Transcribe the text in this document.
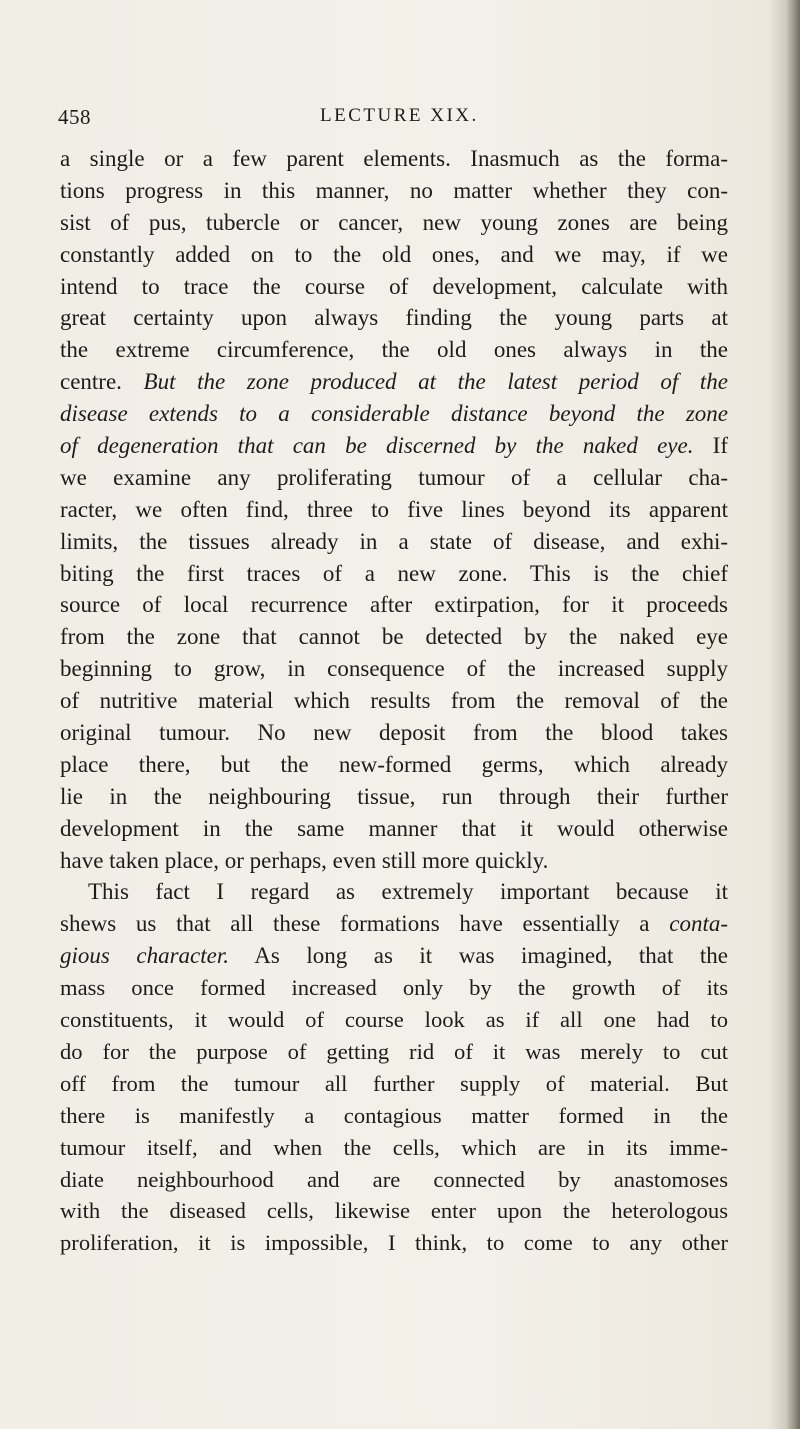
458	LECTURE XIX.
a single or a few parent elements. Inasmuch as the forma-
tions progress in this manner, no matter whether they con-
sist of pus, tubercle or cancer, new young zones are being
constantly added on to the old ones, and we may, if we
intend to trace the course of development, calculate with
great certainty upon always finding the young parts at
the extreme circumference, the old ones always in the
centre. But the zone produced at the latest period of the
disease extends to a considerable distance beyond the zone
of degeneration that can be discerned by the naked eye. If
we examine any proliferating tumour of a cellular cha-
racter, we often find, three to five lines beyond its apparent
limits, the tissues already in a state of disease, and exhi-
biting the first traces of a new zone. This is the chief
source of local recurrence after extirpation, for it proceeds
from the zone that cannot be detected by the naked eye
beginning to grow, in consequence of the increased supply
of nutritive material which results from the removal of the
original tumour. No new deposit from the blood takes
place there, but the new-formed germs, which already
lie in the neighbouring tissue, run through their further
development in the same manner that it would otherwise
have taken place, or perhaps, even still more quickly.
This fact I regard as extremely important because it
shews us that all these formations have essentially a conta-
gious character. As long as it was imagined, that the
mass once formed increased only by the growth of its
constituents, it would of course look as if all one had to
do for the purpose of getting rid of it was merely to cut
off from the tumour all further supply of material. But
there is manifestly a contagious matter formed in the
tumour itself, and when the cells, which are in its imme-
diate neighbourhood and are connected by anastomoses
with the diseased cells, likewise enter upon the heterologous
proliferation, it is impossible, I think, to come to any other
